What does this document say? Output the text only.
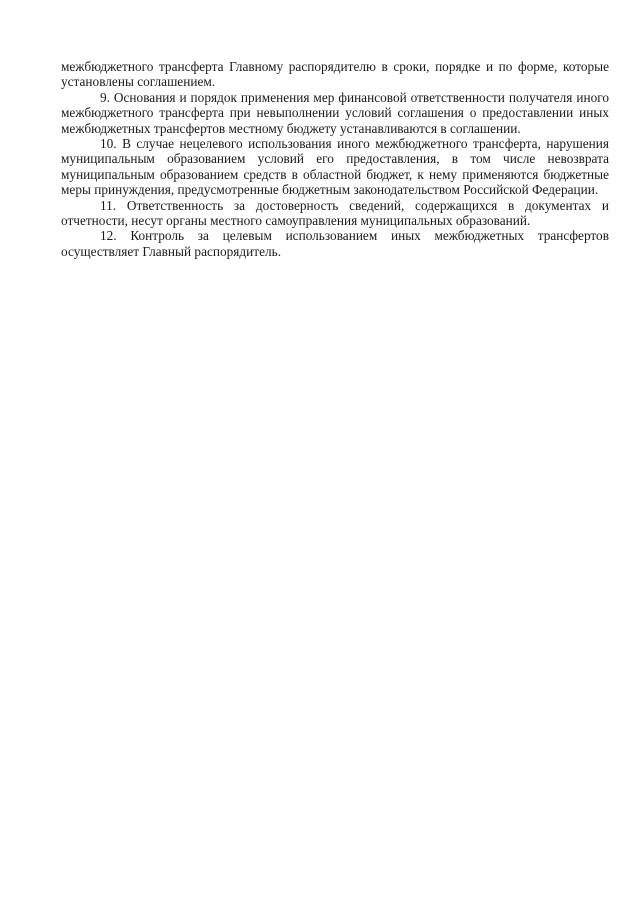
межбюджетного трансферта Главному распорядителю в сроки, порядке и по форме, которые установлены соглашением.

9. Основания и порядок применения мер финансовой ответственности получателя иного межбюджетного трансферта при невыполнении условий соглашения о предоставлении иных межбюджетных трансфертов местному бюджету устанавливаются в соглашении.

10. В случае нецелевого использования иного межбюджетного трансферта, нарушения муниципальным образованием условий его предоставления, в том числе невозврата муниципальным образованием средств в областной бюджет, к нему применяются бюджетные меры принуждения, предусмотренные бюджетным законодательством Российской Федерации.

11. Ответственность за достоверность сведений, содержащихся в документах и отчетности, несут органы местного самоуправления муниципальных образований.

12. Контроль за целевым использованием иных межбюджетных трансфертов осуществляет Главный распорядитель.
